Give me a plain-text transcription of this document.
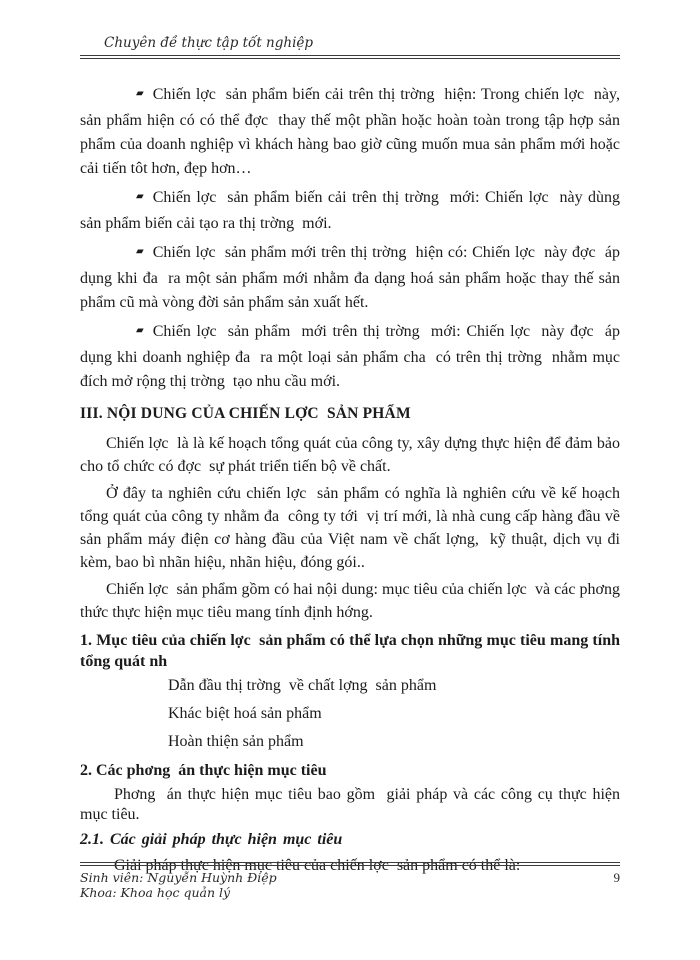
Chuyên đề thực tập tốt nghiệp

▰ Chiến lợc  sản phẩm biến cải trên thị trờng  hiện: Trong chiến lợc  này, sản phẩm hiện có có thể đợc  thay thế một phần hoặc hoàn toàn trong tập hợp sản phẩm của doanh nghiệp vì khách hàng bao giờ cũng muốn mua sản phẩm mới hoặc cải tiến tôt hơn, đẹp hơn…

▰ Chiến lợc  sản phẩm biến cải trên thị trờng  mới: Chiến lợc  này dùng sản phẩm biến cải tạo ra thị trờng  mới.

▰ Chiến lợc  sản phẩm mới trên thị trờng  hiện có: Chiến lợc  này đợc  áp dụng khi đa  ra một sản phẩm mới nhằm đa dạng hoá sản phẩm hoặc thay thế sản phẩm cũ mà vòng đời sản phẩm sản xuất hết.

▰ Chiến lợc  sản phẩm  mới trên thị trờng  mới: Chiến lợc  này đợc  áp dụng khi doanh nghiệp đa  ra một loại sản phẩm cha  có trên thị trờng  nhằm mục đích mở rộng thị trờng  tạo nhu cầu mới.

III. NỘI DUNG CỦA CHIẾN LỢC  SẢN PHẨM

Chiến lợc  là là kế hoạch tổng quát của công ty, xây dựng thực hiện để đảm bảo  cho tổ chức có đợc  sự phát triển tiến bộ về chất.

Ở đây ta nghiên cứu chiến lợc  sản phẩm có nghĩa là nghiên cứu về kế hoạch tổng quát của công ty nhằm đa  công ty tới  vị trí mới, là nhà cung cấp hàng đầu về sản phẩm máy điện cơ hàng đầu của Việt nam về chất lợng,  kỹ thuật, dịch vụ đi kèm, bao bì nhãn hiệu, nhãn hiệu, đóng gói..

Chiến lợc  sản phẩm gồm có hai nội dung: mục tiêu của chiến lợc  và các phơng  thức thực hiện mục tiêu mang tính định hớng.

1. Mục tiêu của chiến lợc  sản phẩm có thể lựa chọn những mục tiêu mang tính tổng quát nh
Dẫn đầu thị trờng  về chất lợng  sản phẩm
Khác biệt hoá sản phẩm
Hoàn thiện sản phẩm
2. Các phơng  án thực hiện mục tiêu

Phơng  án thực hiện mục tiêu bao gồm  giải pháp và các công cụ thực hiện mục tiêu.

2.1. Các giải pháp thực hiện mục tiêu

Giải pháp thực hiện mục tiêu của chiến lợc  sản phẩm có thể là:

Sinh viên: Nguyễn Huỳnh Điệp
Khoa: Khoa học quản lý
9
